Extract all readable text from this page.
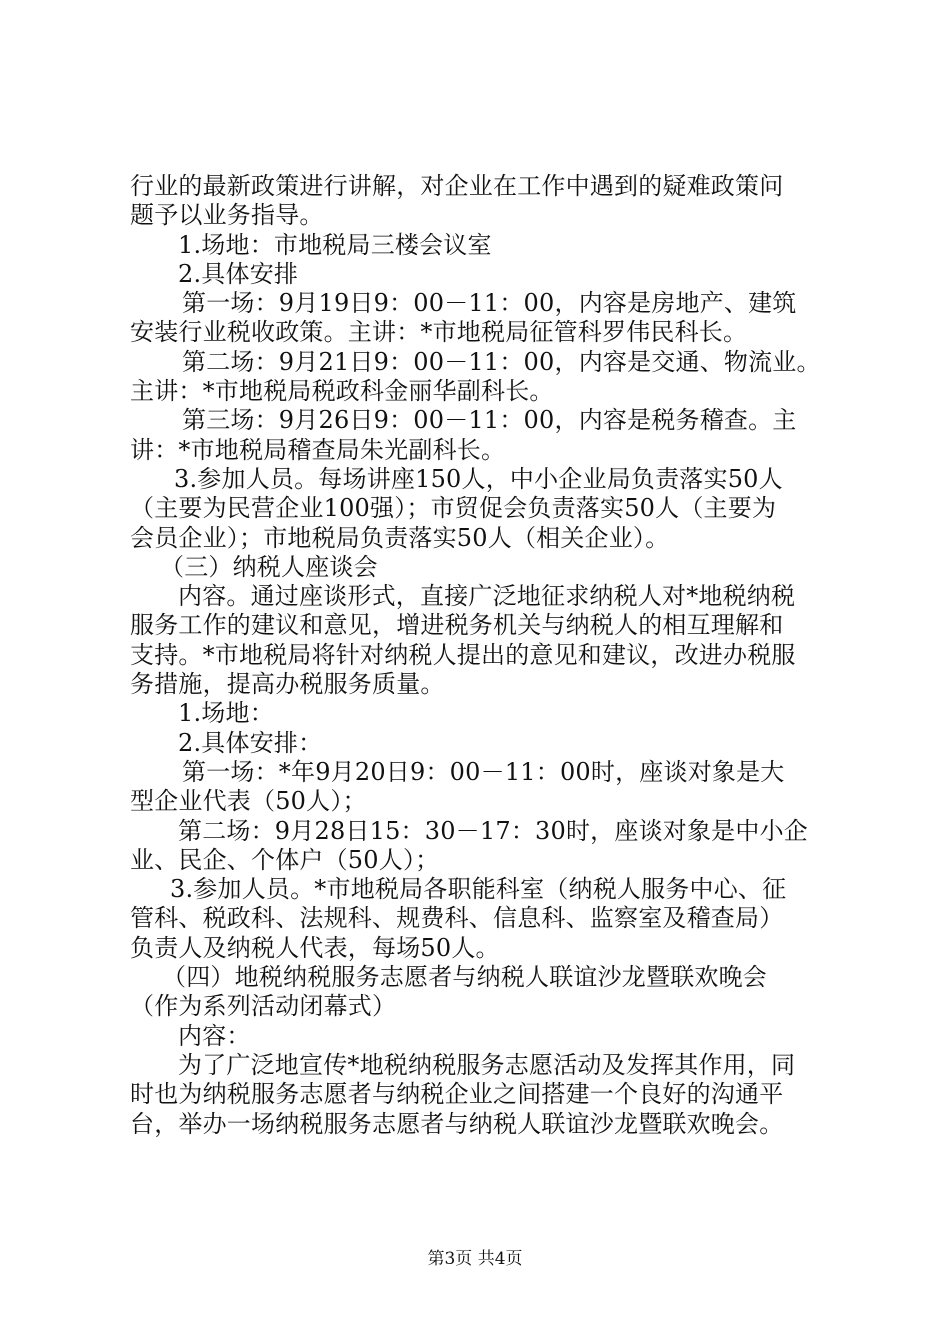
行业的最新政策进行讲解，对企业在工作中遇到的疑难政策问
题予以业务指导。
1.场地：市地税局三楼会议室
2.具体安排
第一场：9月19日9：00－11：00，内容是房地产、建筑
安装行业税收政策。主讲：*市地税局征管科罗伟民科长。
第二场：9月21日9：00－11：00，内容是交通、物流业。
主讲：*市地税局税政科金丽华副科长。
第三场：9月26日9：00－11：00，内容是税务稽查。主
讲：*市地税局稽查局朱光副科长。
3.参加人员。每场讲座150人，中小企业局负责落实50人
（主要为民营企业100强）；市贸促会负责落实50人（主要为
会员企业）；市地税局负责落实50人（相关企业）。
（三）纳税人座谈会
内容。通过座谈形式，直接广泛地征求纳税人对*地税纳税
服务工作的建议和意见，增进税务机关与纳税人的相互理解和
支持。*市地税局将针对纳税人提出的意见和建议，改进办税服
务措施，提高办税服务质量。
1.场地：
2.具体安排：
第一场：*年9月20日9：00－11：00时，座谈对象是大
型企业代表（50人）；
第二场：9月28日15：30－17：30时，座谈对象是中小企
业、民企、个体户（50人）；
3.参加人员。*市地税局各职能科室（纳税人服务中心、征
管科、税政科、法规科、规费科、信息科、监察室及稽查局）
负责人及纳税人代表，每场50人。
（四）地税纳税服务志愿者与纳税人联谊沙龙暨联欢晚会
（作为系列活动闭幕式）
内容：
为了广泛地宣传*地税纳税服务志愿活动及发挥其作用，同
时也为纳税服务志愿者与纳税企业之间搭建一个良好的沟通平
台，举办一场纳税服务志愿者与纳税人联谊沙龙暨联欢晚会。
第3页 共4页
